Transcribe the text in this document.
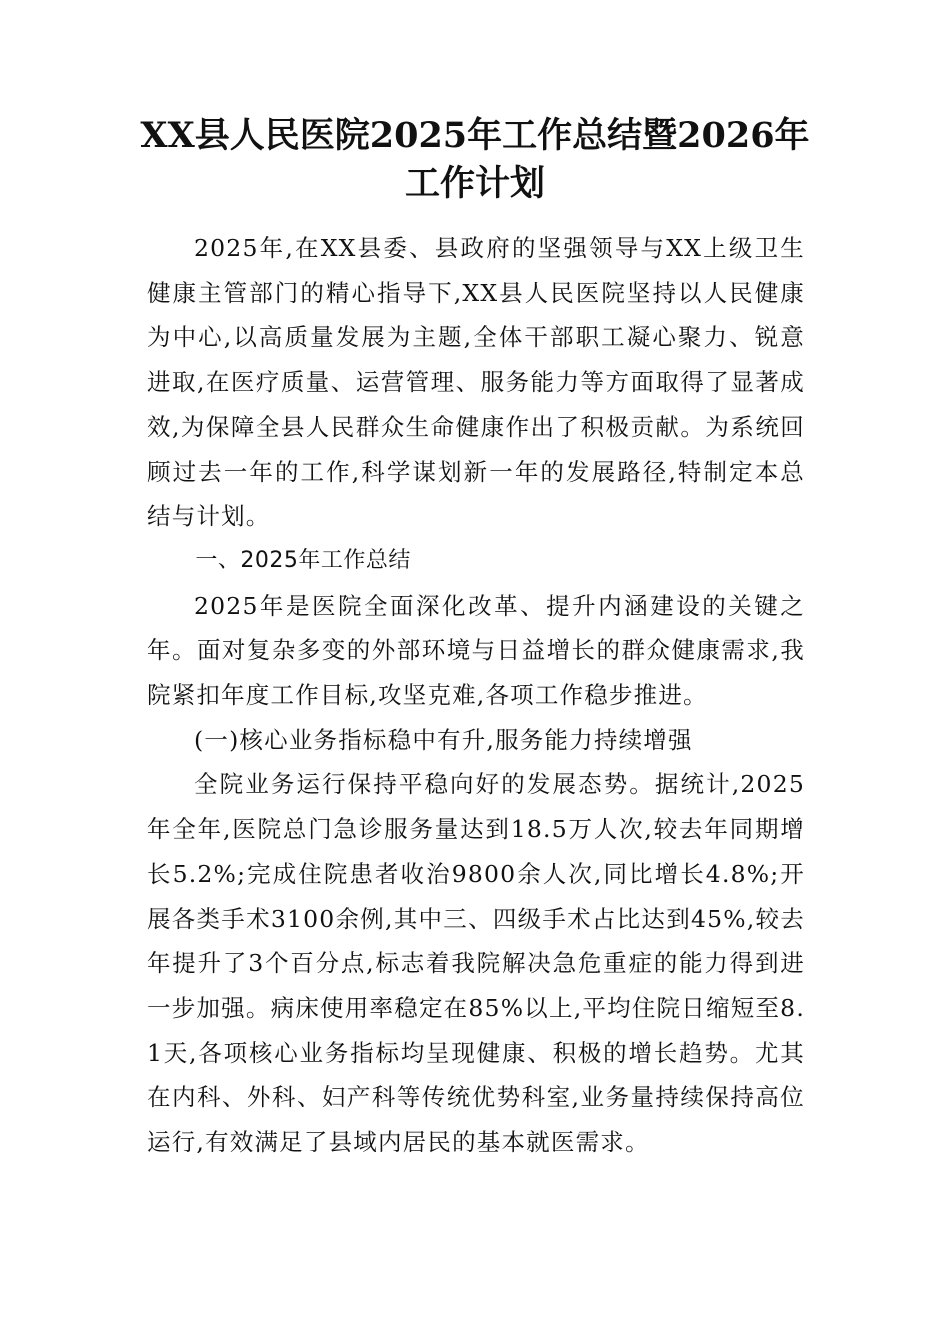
XX县人民医院2025年工作总结暨2026年
工作计划

2025年,在XX县委、县政府的坚强领导与XX上级卫生健康主管部门的精心指导下,XX县人民医院坚持以人民健康为中心,以高质量发展为主题,全体干部职工凝心聚力、锐意进取,在医疗质量、运营管理、服务能力等方面取得了显著成效,为保障全县人民群众生命健康作出了积极贡献。为系统回顾过去一年的工作,科学谋划新一年的发展路径,特制定本总结与计划。

一、2025年工作总结

2025年是医院全面深化改革、提升内涵建设的关键之年。面对复杂多变的外部环境与日益增长的群众健康需求,我院紧扣年度工作目标,攻坚克难,各项工作稳步推进。

(一)核心业务指标稳中有升,服务能力持续增强

全院业务运行保持平稳向好的发展态势。据统计,2025年全年,医院总门急诊服务量达到18.5万人次,较去年同期增长5.2%;完成住院患者收治9800余人次,同比增长4.8%;开展各类手术3100余例,其中三、四级手术占比达到45%,较去年提升了3个百分点,标志着我院解决急危重症的能力得到进一步加强。病床使用率稳定在85%以上,平均住院日缩短至8.1天,各项核心业务指标均呈现健康、积极的增长趋势。尤其在内科、外科、妇产科等传统优势科室,业务量持续保持高位运行,有效满足了县域内居民的基本就医需求。
